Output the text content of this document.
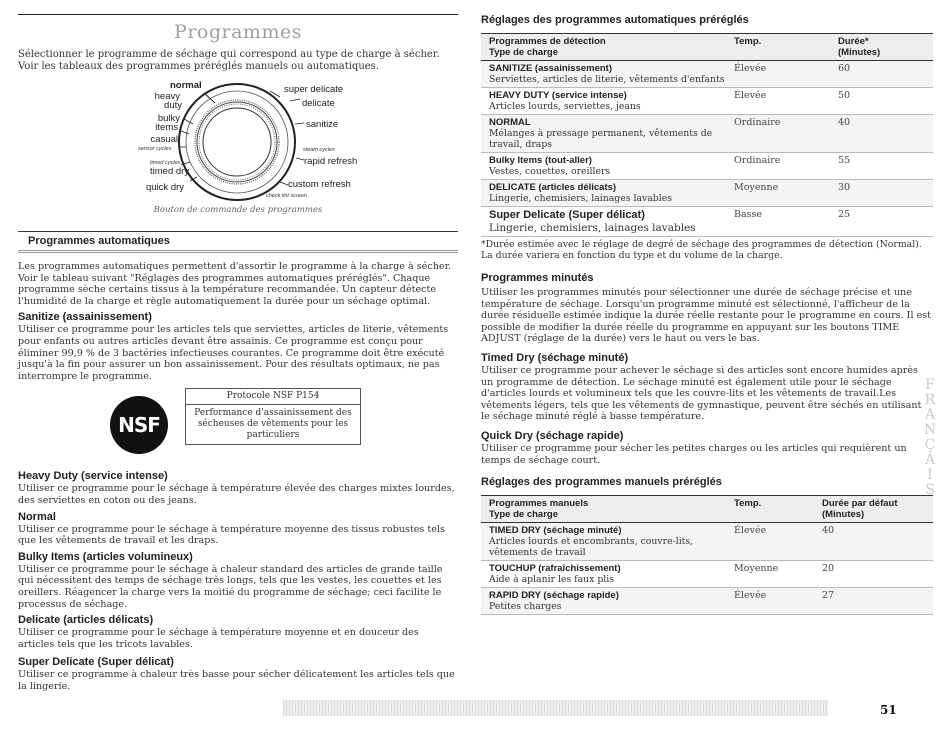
Programmes
Sélectionner le programme de séchage qui correspond au type de charge à sécher. Voir les tableaux des programmes préréglés manuels ou automatiques.
normal
heavy
duty
bulky
items
casual
sensor cycles
timed cycles
timed dry
quick dry
super delicate
delicate
sanitize
steam cycles
rapid refresh
custom refresh
check lint screen
Bouton de commande des programmes
Programmes automatiques
Les programmes automatiques permettent d'assortir le programme à la charge à sécher. Voir le tableau suivant "Réglages des programmes automatiques préréglés". Chaque programme sèche certains tissus à la température recommandée. Un capteur détecte l'humidité de la charge et règle automatiquement la durée pour un séchage optimal.
Sanitize (assainissement)
Utiliser ce programme pour les articles tels que serviettes, articles de literie, vêtements pour enfants ou autres articles devant être assainis. Ce programme est conçu pour éliminer 99,9 % de 3 bactéries infectieuses courantes. Ce programme doit être exécuté jusqu'à la fin pour assurer un bon assainissement. Pour des résultats optimaux, ne pas interrompre le programme.
NSF
Protocole NSF P154
Performance d'assainissement des sécheuses de vêtements pour les particuliers
Heavy Duty (service intense)
Utiliser ce programme pour le séchage à température élevée des charges mixtes lourdes, des serviettes en coton ou des jeans.
Normal
Utiliser ce programme pour le séchage à température moyenne des tissus robustes tels que les vêtements de travail et les draps.
Bulky Items (articles volumineux)
Utiliser ce programme pour le séchage à chaleur standard des articles de grande taille qui nécessitent des temps de séchage très longs, tels que les vestes, les couettes et les oreillers. Réagencer la charge vers la moitié du programme de séchage; ceci facilite le processus de séchage.
Delicate (articles délicats)
Utiliser ce programme pour le séchage à température moyenne et en douceur des articles tels que les tricots lavables.
Super Delicate (Super délicat)
Utiliser ce programme à chaleur très basse pour sécher délicatement les articles tels que la lingerie.
Réglages des programmes automatiques préréglés
Programmes de détection
Type de charge
Temp.	Durée*
(Minutes)
SANITIZE (assainissement)
Serviettes, articles de literie, vêtements d'enfants
Élevée	60
HEAVY DUTY (service intense)
Articles lourds, serviettes, jeans
Élevée	50
NORMAL
Mélanges à pressage permanent, vêtements de travail, draps
Ordinaire	40
Bulky Items (tout-aller)
Vestes, couettes, oreillers
Ordinaire	55
DELICATE (articles délicats)
Lingerie, chemisiers, lainages lavables
Moyenne	30
Super Delicate (Super délicat)
Lingerie, chemisiers, lainages lavables
Basse	25
*Durée estimée avec le réglage de degré de séchage des programmes de détection (Normal). La durée variera en fonction du type et du volume de la charge.
Programmes minutés
Utiliser les programmes minutés pour sélectionner une durée de séchage précise et une température de séchage. Lorsqu'un programme minuté est sélectionné, l'afficheur de la durée résiduelle estimée indique la durée réelle restante pour le programme en cours. Il est possible de modifier la durée réelle du programme en appuyant sur les boutons TIME ADJUST (réglage de la durée) vers le haut ou vers le bas.
Timed Dry (séchage minuté)
Utiliser ce programme pour achever le séchage si des articles sont encore humides après un programme de détection. Le séchage minuté est également utile pour le séchage d'articles lourds et volumineux tels que les couvre-lits et les vêtements de travail.Les vêtements légers, tels que les vêtements de gymnastique, peuvent être séchés en utilisant le séchage minuté réglé à basse température.
Quick Dry (séchage rapide)
Utiliser ce programme pour sécher les petites charges ou les articles qui requièrent un temps de séchage court.
Réglages des programmes manuels préréglés
Programmes manuels
Type de charge
Temp.	Durée par défaut
(Minutes)
TIMED DRY (séchage minuté)
Articles lourds et encombrants, couvre-lits, vêtements de travail
Élevée	40
TOUCHUP (rafraîchissement)
Aide à aplanir les faux plis
Moyenne	20
RAPID DRY (séchage rapide)
Petites charges
Élevée	27
F
R
A
N
Ç
A
I
S
51
